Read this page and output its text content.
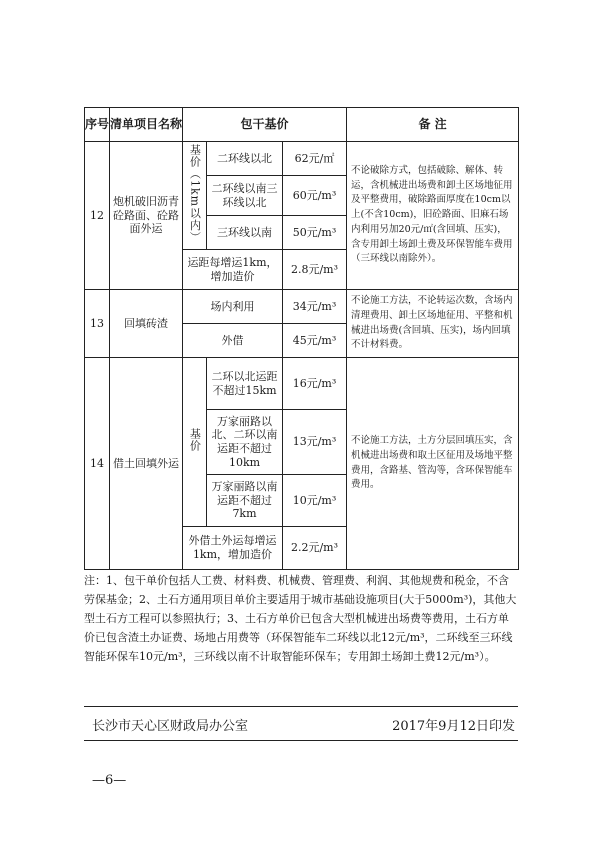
序号	清单项目名称	包干基价			备 注
12	炮机破旧沥青砼路面、砼路面外运	基价（1km以内）	二环线以北	62元/㎡	不论破除方式，包括破除、解体、转运，含机械进出场费和卸土区场地征用及平整费用，破除路面厚度在10cm以上(不含10cm)，旧砼路面、旧麻石场内利用另加20元/㎡(含回填、压实)，含专用卸土场卸土费及环保智能车费用（三环线以南除外）。
			二环线以南三环线以北	60元/m³	
			三环线以南	50元/m³	
		运距每增运1km，增加造价		2.8元/m³	
13	回填砖渣	场内利用		34元/m³	不论施工方法，不论转运次数，含场内清理费用、卸土区场地征用、平整和机械进出场费(含回填、压实)，场内回填不计材料费。
		外借		45元/m³	
14	借土回填外运	基价	二环以北运距不超过15km	16元/m³	不论施工方法，土方分层回填压实，含机械进出场费和取土区征用及场地平整费用，含路基、管沟等，含环保智能车费用。
			万家丽路以北、二环以南运距不超过10km	13元/m³	
			万家丽路以南运距不超过7km	10元/m³	
		外借土外运每增运1km，增加造价		2.2元/m³	
注：1、包干单价包括人工费、材料费、机械费、管理费、利润、其他规费和税金，不含劳保基金；2、土石方通用项目单价主要适用于城市基础设施项目(大于5000m³)，其他大型土石方工程可以参照执行；3、土石方单价已包含大型机械进出场费等费用，土石方单价已包含渣土办证费、场地占用费等（环保智能车二环线以北12元/m³，二环线至三环线智能环保车10元/m³，三环线以南不计取智能环保车；专用卸土场卸土费12元/m³）。
长沙市天心区财政局办公室	2017年9月12日印发
—6—
